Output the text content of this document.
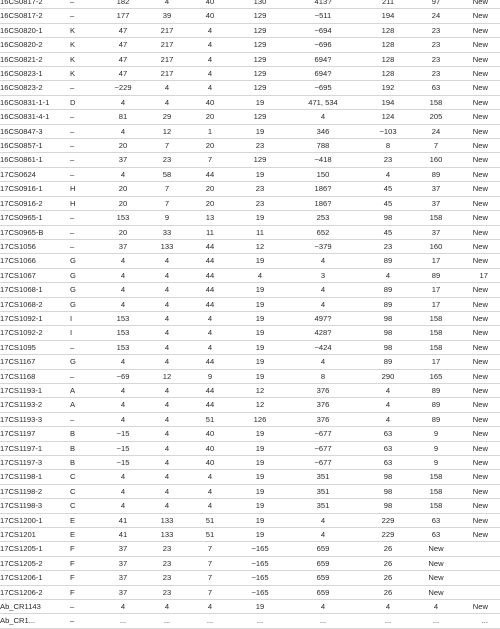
16CS0817-2	–	182	4	40	130	413?	211	97	New
16CS0817-2	–	177	39	40	129	~511	194	24	New
16CS0820-1	K	47	217	4	129	~694	128	23	New
16CS0820-2	K	47	217	4	129	~696	128	23	New
16CS0821-2	K	47	217	4	129	694?	128	23	New
16CS0823-1	K	47	217	4	129	694?	128	23	New
16CS0823-2	–	~229	4	4	129	~695	192	63	New
16CS0831-1-1	D	4	4	40	19	471, 534	194	158	New
16CS0831-4-1	–	81	29	20	129	4	124	205	New
16CS0847-3	–	4	12	1	19	346	~103	24	New
16CS0857-1	–	20	7	20	23	788	8	7	New
16CS0861-1	–	37	23	7	129	~418	23	160	New
17CS0624	–	4	58	44	19	150	4	89	New
17CS0916-1	H	20	7	20	23	186?	45	37	New
17CS0916-2	H	20	7	20	23	186?	45	37	New
17CS0965-1	–	153	9	13	19	253	98	158	New
17CS0965-B	–	20	33	11	11	652	45	37	New
17CS1056	–	37	133	44	12	~379	23	160	New
17CS1066	G	4	4	44	19	4	89	17	New
17CS1067	G	4	4	44	4	3	4	89	17
17CS1068-1	G	4	4	44	19	4	89	17	New
17CS1068-2	G	4	4	44	19	4	89	17	New
17CS1092-1	I	153	4	4	19	497?	98	158	New
17CS1092-2	I	153	4	4	19	428?	98	158	New
17CS1095	–	153	4	4	19	~424	98	158	New
17CS1167	G	4	4	44	19	4	89	17	New
17CS1168	–	~69	12	9	19	8	290	165	New
17CS1193-1	A	4	4	44	12	376	4	89	New
17CS1193-2	A	4	4	44	12	376	4	89	New
17CS1193-3	–	4	4	51	126	376	4	89	New
17CS1197	B	~15	4	40	19	~677	63	9	New
17CS1197-1	B	~15	4	40	19	~677	63	9	New
17CS1197-3	B	~15	4	40	19	~677	63	9	New
17CS1198-1	C	4	4	4	19	351	98	158	New
17CS1198-2	C	4	4	4	19	351	98	158	New
17CS1198-3	C	4	4	4	19	351	98	158	New
17CS1200-1	E	41	133	51	19	4	229	63	New
17CS1201	E	41	133	51	19	4	229	63	New
17CS1205-1	F	37	23	7	~165	659	26	New	
17CS1205-2	F	37	23	7	~165	659	26	New	
17CS1206-1	F	37	23	7	~165	659	26	New	
17CS1206-2	F	37	23	7	~165	659	26	New	
Ab_CR1143	–	4	4	4	19	4	4	4	New
Ab_CR1...	–	...	...	...	...	...	...	...	...
